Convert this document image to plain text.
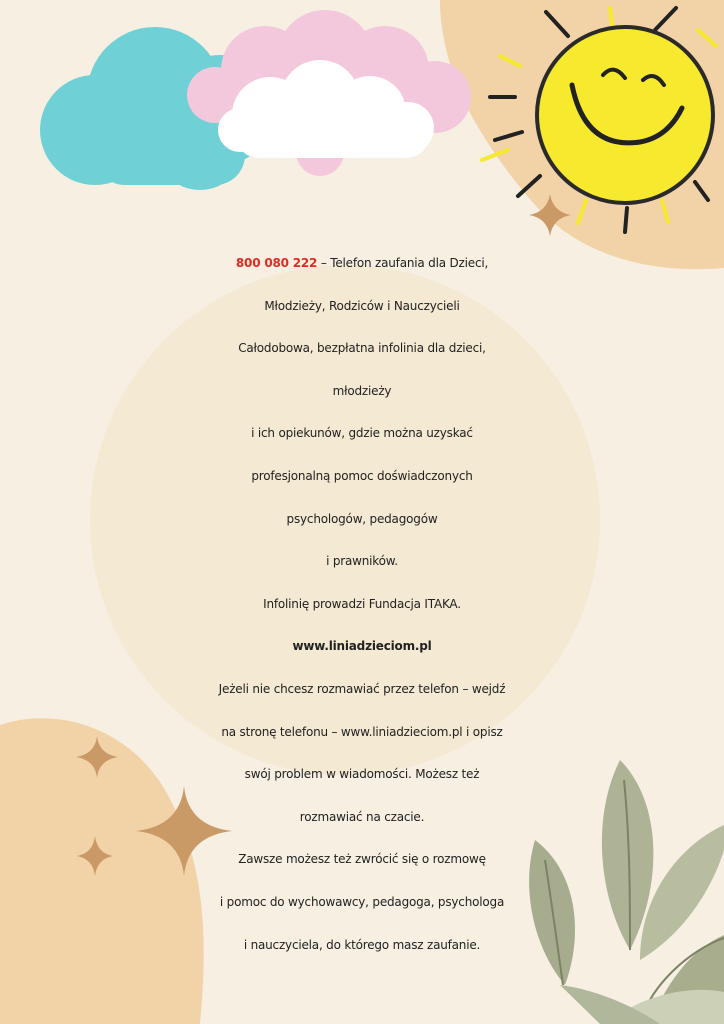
800 080 222 – Telefon zaufania dla Dzieci,
Młodzieży, Rodziców i Nauczycieli
Całodobowa, bezpłatna infolinia dla dzieci,
młodzieży
i ich opiekunów, gdzie można uzyskać
profesjonalną pomoc doświadczonych
psychologów, pedagogów
i prawników.
Infolinię prowadzi Fundacja ITAKA.
www.liniadzieciom.pl
Jeżeli nie chcesz rozmawiać przez telefon – wejdź
na stronę telefonu – www.liniadzieciom.pl i opisz
swój problem w wiadomości. Możesz też
rozmawiać na czacie.
Zawsze możesz też zwrócić się o rozmowę
i pomoc do wychowawcy, pedagoga, psychologa
i nauczyciela, do którego masz zaufanie.
